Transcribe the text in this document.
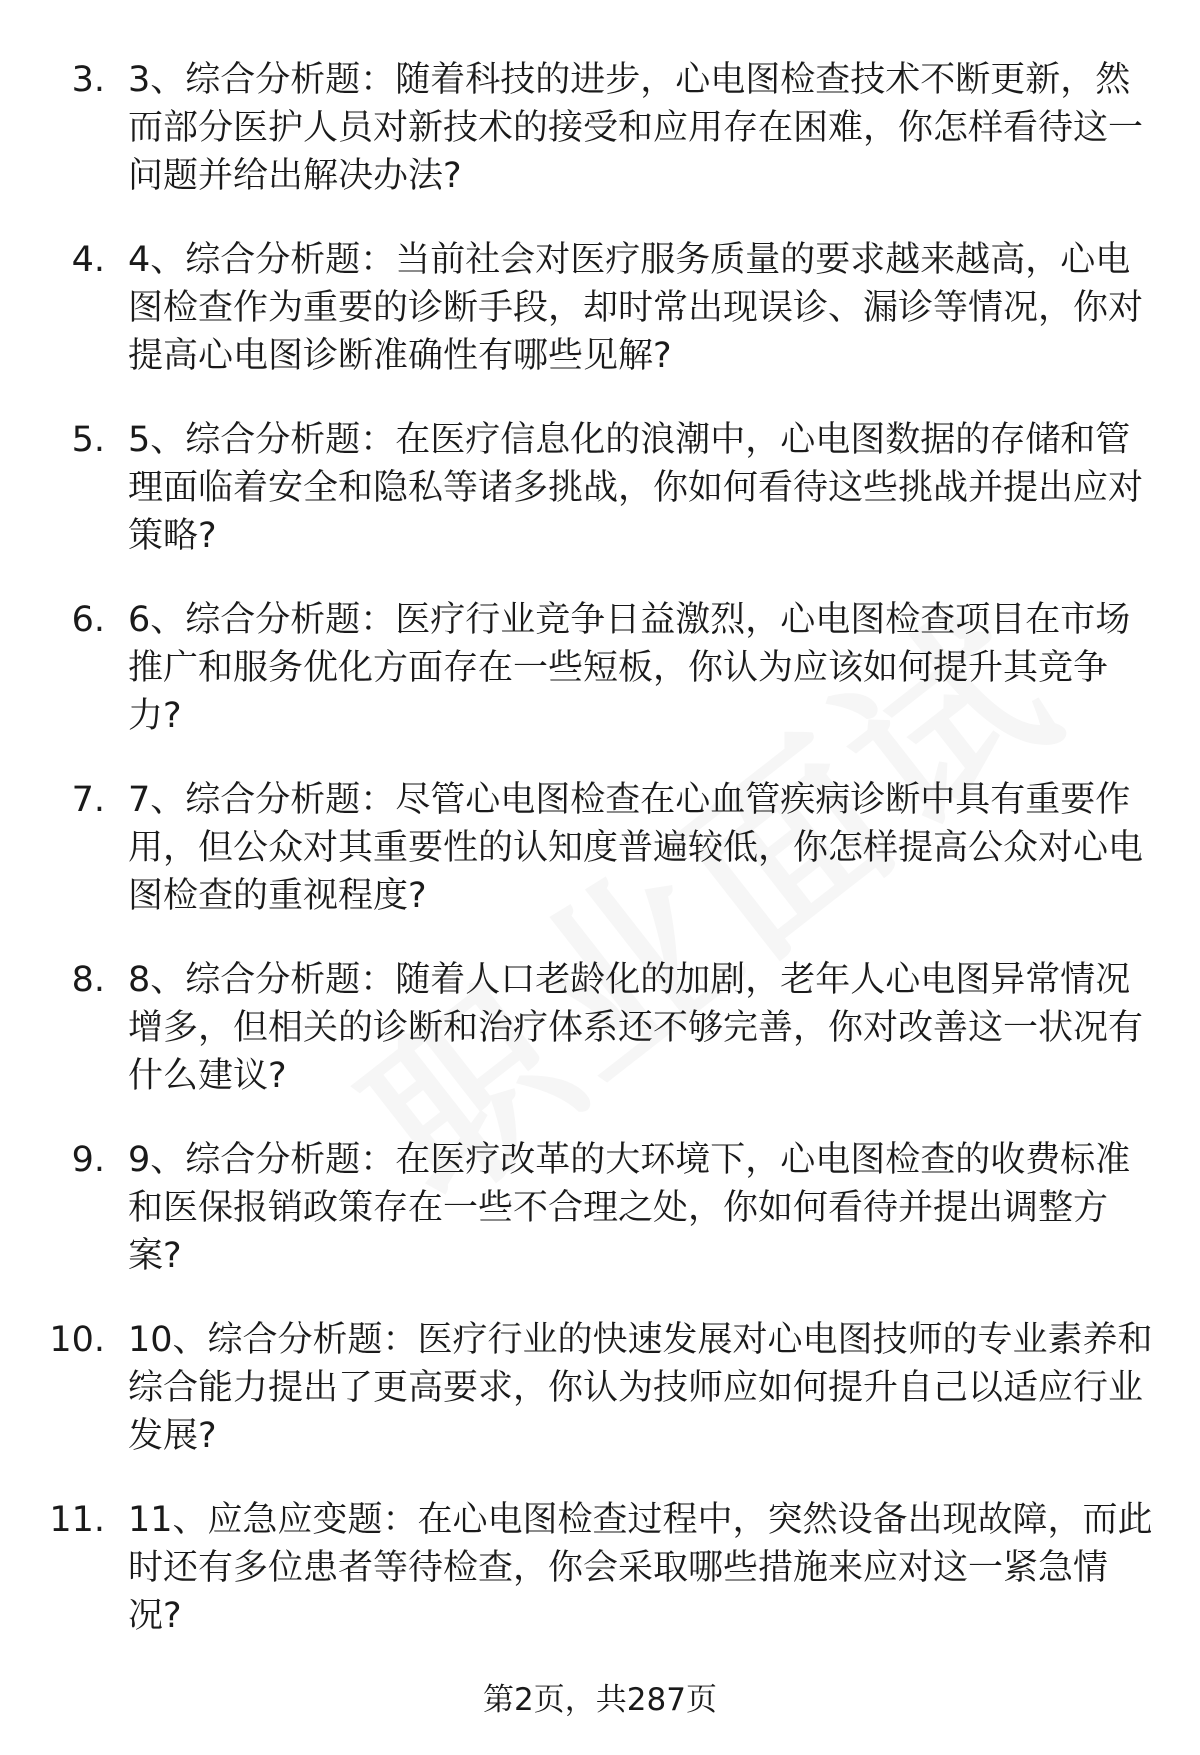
3. 3、综合分析题：随着科技的进步，心电图检查技术不断更新，然而部分医护人员对新技术的接受和应用存在困难，你怎样看待这一问题并给出解决办法?
4. 4、综合分析题：当前社会对医疗服务质量的要求越来越高，心电图检查作为重要的诊断手段，却时常出现误诊、漏诊等情况，你对提高心电图诊断准确性有哪些见解?
5. 5、综合分析题：在医疗信息化的浪潮中，心电图数据的存储和管理面临着安全和隐私等诸多挑战，你如何看待这些挑战并提出应对策略?
6. 6、综合分析题：医疗行业竞争日益激烈，心电图检查项目在市场推广和服务优化方面存在一些短板，你认为应该如何提升其竞争力?
7. 7、综合分析题：尽管心电图检查在心血管疾病诊断中具有重要作用，但公众对其重要性的认知度普遍较低，你怎样提高公众对心电图检查的重视程度?
8. 8、综合分析题：随着人口老龄化的加剧，老年人心电图异常情况增多，但相关的诊断和治疗体系还不够完善，你对改善这一状况有什么建议?
9. 9、综合分析题：在医疗改革的大环境下，心电图检查的收费标准和医保报销政策存在一些不合理之处，你如何看待并提出调整方案?
10. 10、综合分析题：医疗行业的快速发展对心电图技师的专业素养和综合能力提出了更高要求，你认为技师应如何提升自己以适应行业发展?
11. 11、应急应变题：在心电图检查过程中，突然设备出现故障，而此时还有多位患者等待检查，你会采取哪些措施来应对这一紧急情况?
第2页，共287页
